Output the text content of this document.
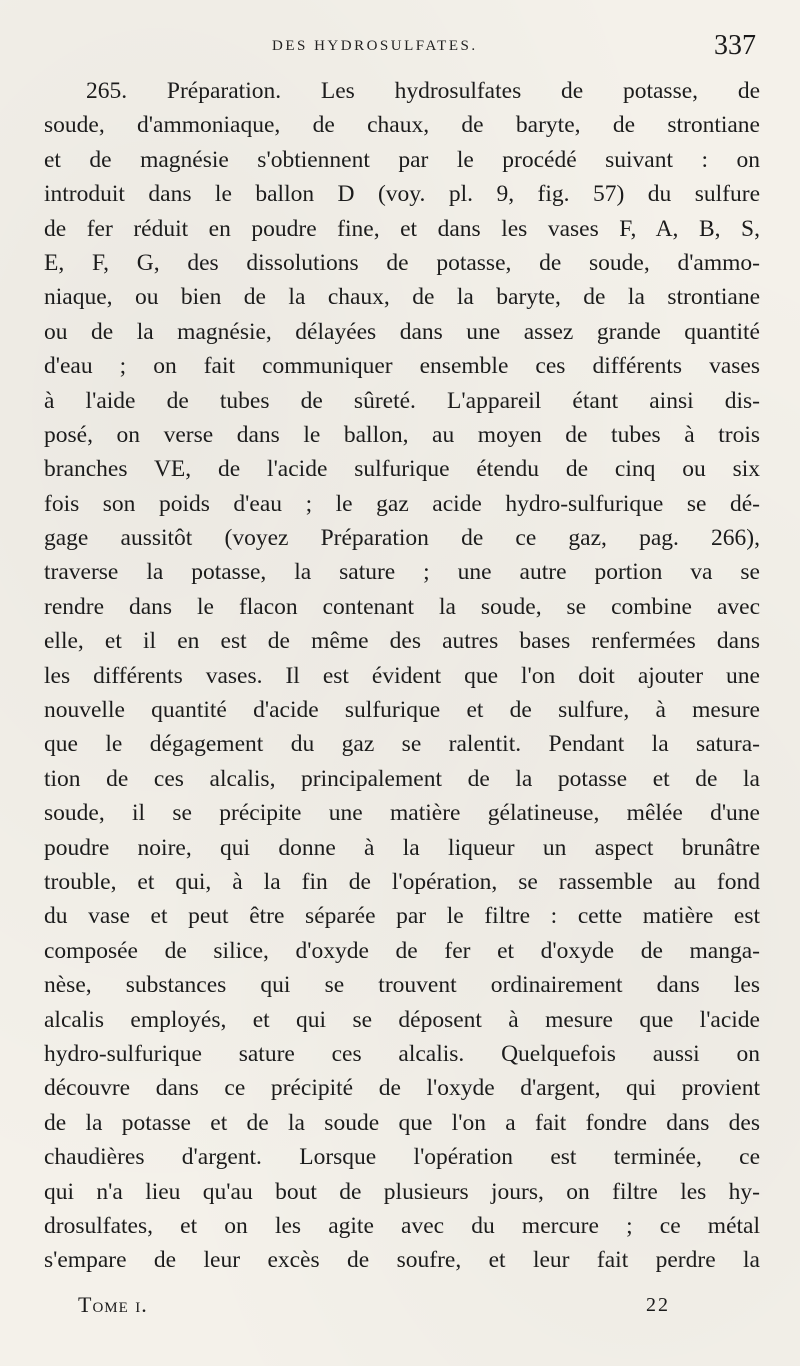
DES HYDROSULFATES.	337
265. Préparation. Les hydrosulfates de potasse, de
soude, d'ammoniaque, de chaux, de baryte, de strontiane
et de magnésie s'obtiennent par le procédé suivant : on
introduit dans le ballon D (voy. pl. 9, fig. 57) du sulfure
de fer réduit en poudre fine, et dans les vases F, A, B, S,
E, F, G, des dissolutions de potasse, de soude, d'ammo-
niaque, ou bien de la chaux, de la baryte, de la strontiane
ou de la magnésie, délayées dans une assez grande quantité
d'eau ; on fait communiquer ensemble ces différents vases
à l'aide de tubes de sûreté. L'appareil étant ainsi dis-
posé, on verse dans le ballon, au moyen de tubes à trois
branches VE, de l'acide sulfurique étendu de cinq ou six
fois son poids d'eau ; le gaz acide hydro-sulfurique se dé-
gage aussitôt (voyez Préparation de ce gaz, pag. 266),
traverse la potasse, la sature ; une autre portion va se
rendre dans le flacon contenant la soude, se combine avec
elle, et il en est de même des autres bases renfermées dans
les différents vases. Il est évident que l'on doit ajouter une
nouvelle quantité d'acide sulfurique et de sulfure, à mesure
que le dégagement du gaz se ralentit. Pendant la satura-
tion de ces alcalis, principalement de la potasse et de la
soude, il se précipite une matière gélatineuse, mêlée d'une
poudre noire, qui donne à la liqueur un aspect brunâtre
trouble, et qui, à la fin de l'opération, se rassemble au fond
du vase et peut être séparée par le filtre : cette matière est
composée de silice, d'oxyde de fer et d'oxyde de manga-
nèse, substances qui se trouvent ordinairement dans les
alcalis employés, et qui se déposent à mesure que l'acide
hydro-sulfurique sature ces alcalis. Quelquefois aussi on
découvre dans ce précipité de l'oxyde d'argent, qui provient
de la potasse et de la soude que l'on a fait fondre dans des
chaudières d'argent. Lorsque l'opération est terminée, ce
qui n'a lieu qu'au bout de plusieurs jours, on filtre les hy-
drosulfates, et on les agite avec du mercure ; ce métal
s'empare de leur excès de soufre, et leur fait perdre la
Tome i.	22
